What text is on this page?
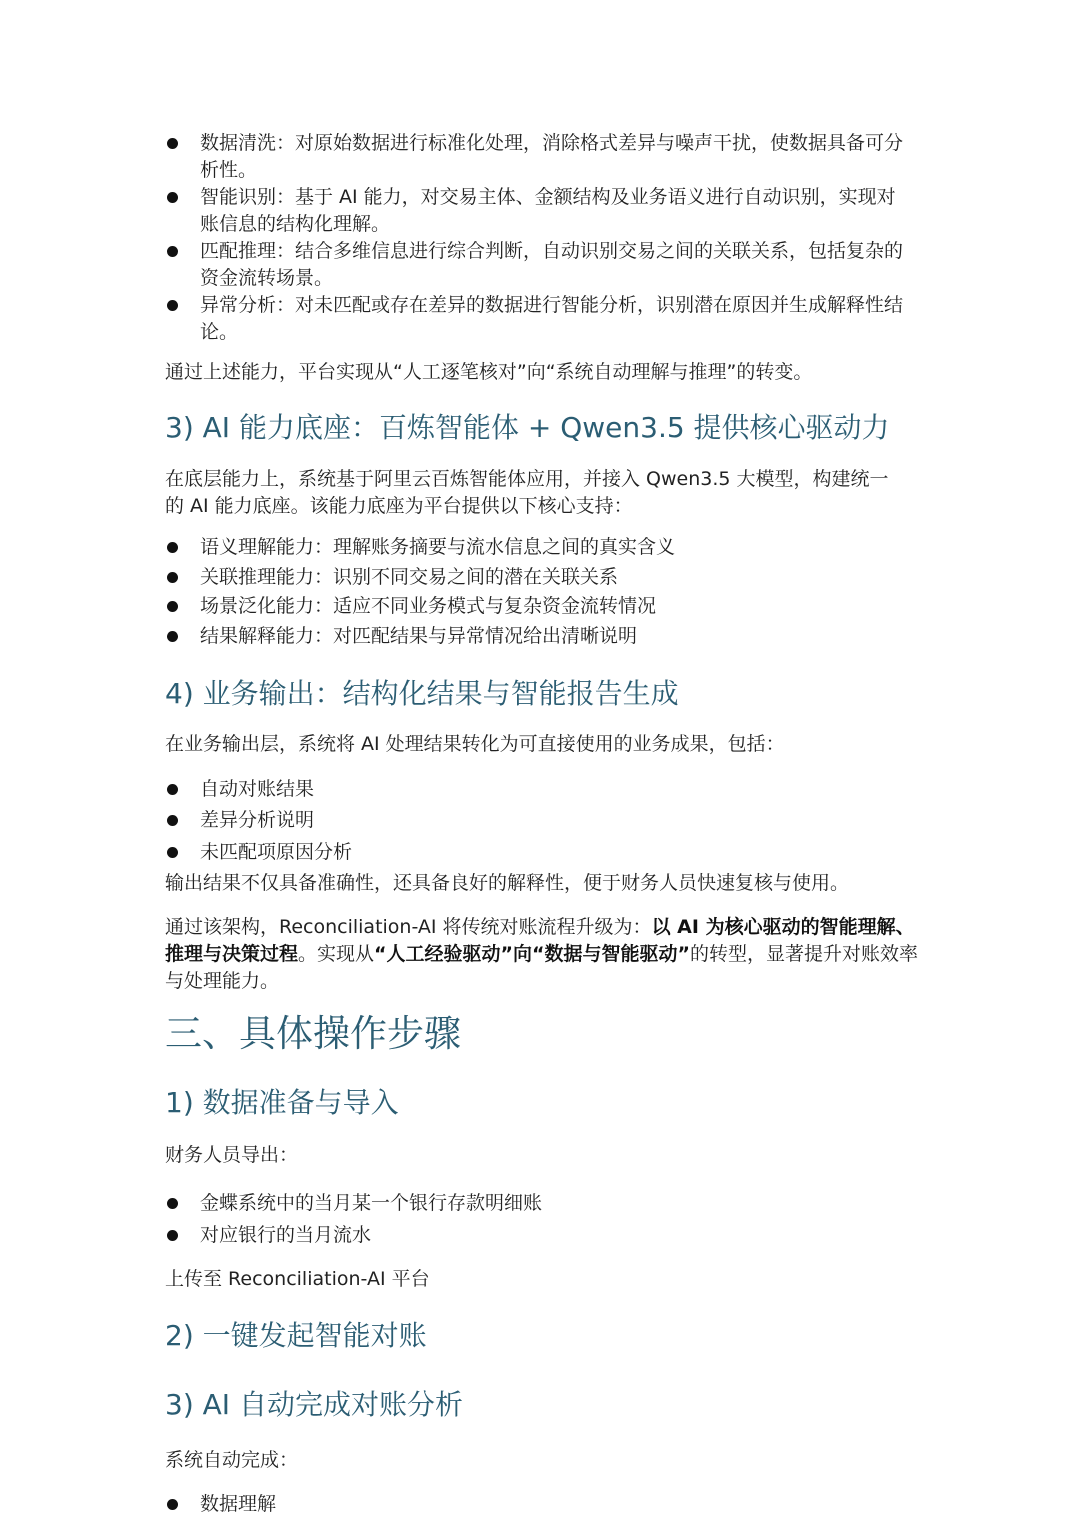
数据清洗：对原始数据进行标准化处理，消除格式差异与噪声干扰，使数据具备可分析性。
智能识别：基于 AI 能力，对交易主体、金额结构及业务语义进行自动识别，实现对账信息的结构化理解。
匹配推理：结合多维信息进行综合判断，自动识别交易之间的关联关系，包括复杂的资金流转场景。
异常分析：对未匹配或存在差异的数据进行智能分析，识别潜在原因并生成解释性结论。
通过上述能力，平台实现从“人工逐笔核对”向“系统自动理解与推理”的转变。
3) AI 能力底座：百炼智能体 + Qwen3.5 提供核心驱动力
在底层能力上，系统基于阿里云百炼智能体应用，并接入 Qwen3.5 大模型，构建统一的 AI 能力底座。该能力底座为平台提供以下核心支持：
语义理解能力：理解账务摘要与流水信息之间的真实含义
关联推理能力：识别不同交易之间的潜在关联关系
场景泛化能力：适应不同业务模式与复杂资金流转情况
结果解释能力：对匹配结果与异常情况给出清晰说明
4) 业务输出：结构化结果与智能报告生成
在业务输出层，系统将 AI 处理结果转化为可直接使用的业务成果，包括：
自动对账结果
差异分析说明
未匹配项原因分析
输出结果不仅具备准确性，还具备良好的解释性，便于财务人员快速复核与使用。
通过该架构，Reconciliation-AI 将传统对账流程升级为：以 AI 为核心驱动的智能理解、推理与决策过程。实现从“人工经验驱动”向“数据与智能驱动”的转型，显著提升对账效率与处理能力。
三、具体操作步骤
1) 数据准备与导入
财务人员导出：
金蝶系统中的当月某一个银行存款明细账
对应银行的当月流水
上传至 Reconciliation-AI 平台
2) 一键发起智能对账
3) AI 自动完成对账分析
系统自动完成：
数据理解
